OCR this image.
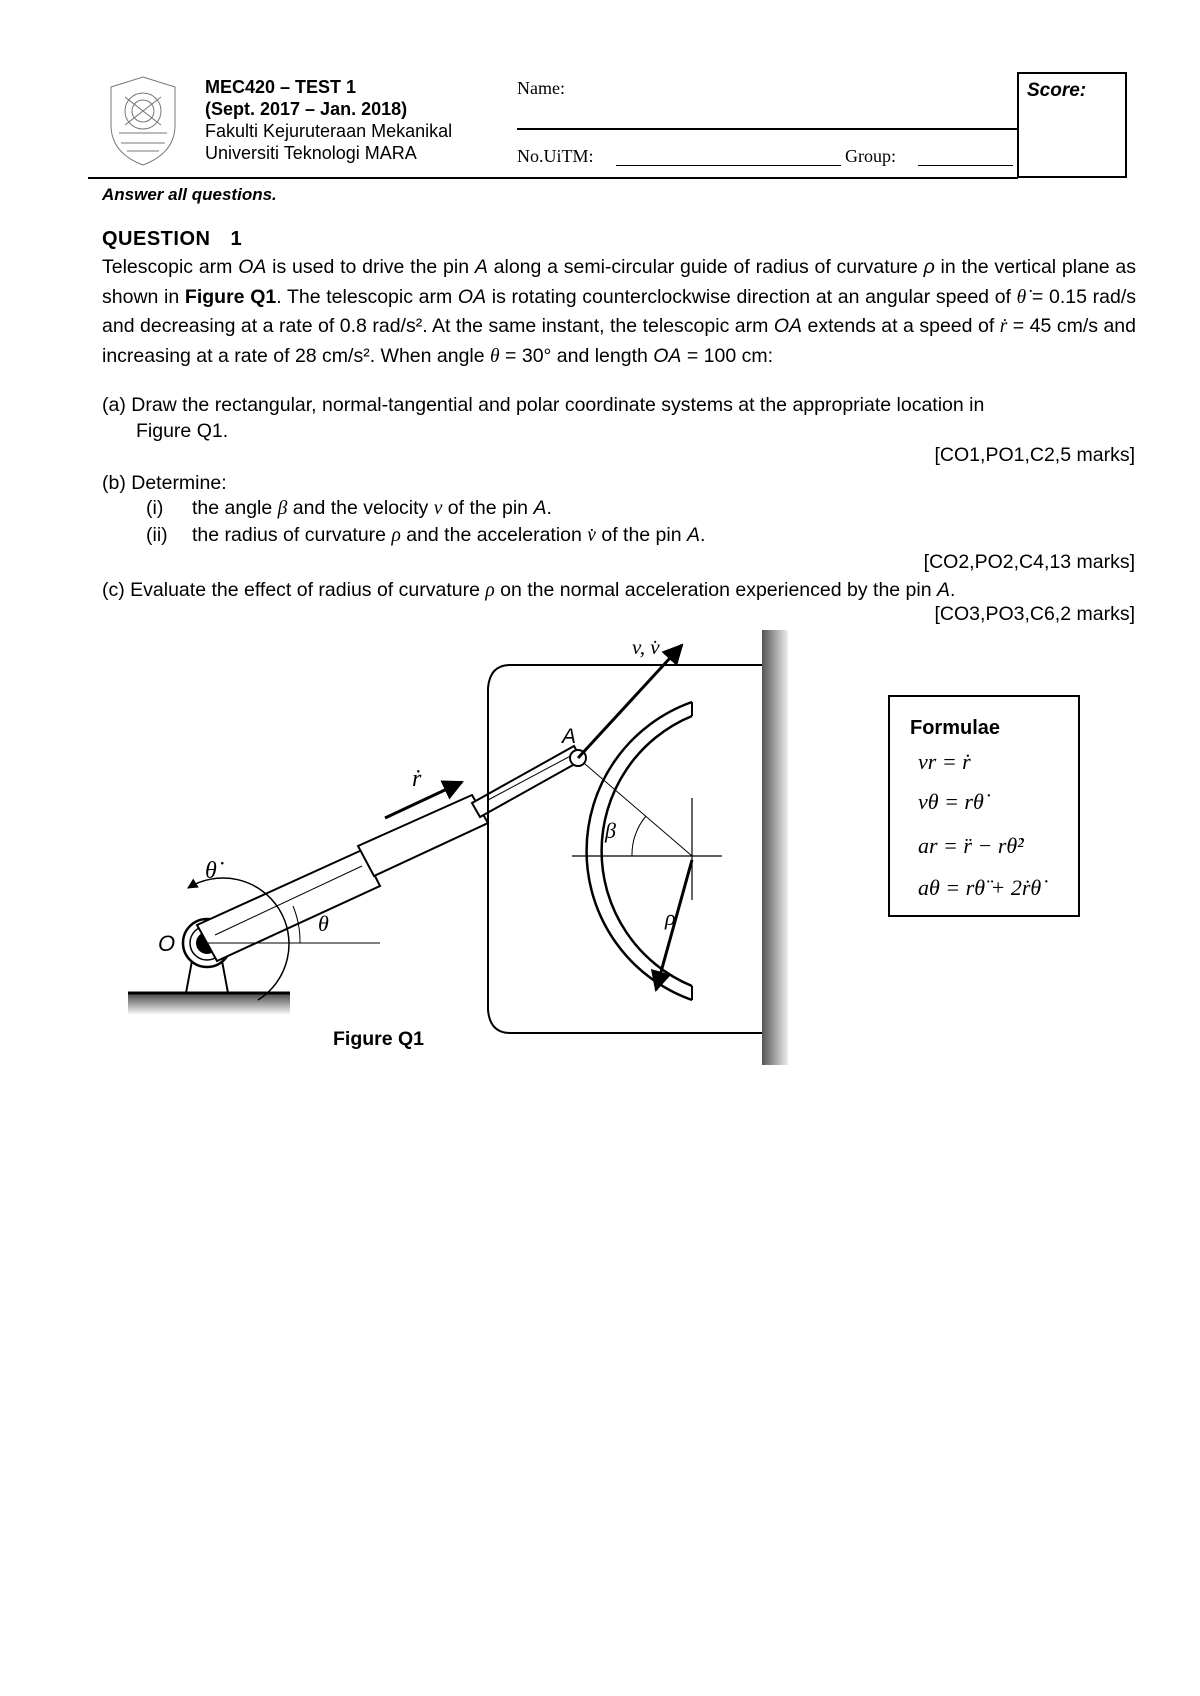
MEC420 – TEST 1
(Sept. 2017 – Jan. 2018)
Fakulti Kejuruteraan Mekanikal
Universiti Teknologi MARA
Name:
No.UiTM:	Group:
Score:
Answer all questions.
QUESTION 1
Telescopic arm OA is used to drive the pin A along a semi-circular guide of radius of curvature ρ in the vertical plane as shown in Figure Q1. The telescopic arm OA is rotating counterclockwise direction at an angular speed of θ̇ = 0.15 rad/s and decreasing at a rate of 0.8 rad/s². At the same instant, the telescopic arm OA extends at a speed of ṙ = 45 cm/s and increasing at a rate of 28 cm/s². When angle θ = 30° and length OA = 100 cm:
(a) Draw the rectangular, normal-tangential and polar coordinate systems at the appropriate location in
Figure Q1.
[CO1,PO1,C2,5 marks]
(b) Determine:
(i) the angle β and the velocity v of the pin A.
(ii) the radius of curvature ρ and the acceleration v̇ of the pin A.
[CO2,PO2,C4,13 marks]
(c) Evaluate the effect of radius of curvature ρ on the normal acceleration experienced by the pin A.
[CO3,PO3,C6,2 marks]
θ
θ̇
O
ṙ
β
ρ
A
v, v̇
Figure Q1
Formulae
vr = ṙ
vθ = rθ̇
ar = r̈ − rθ̇²
aθ = rθ̈ + 2ṙθ̇
